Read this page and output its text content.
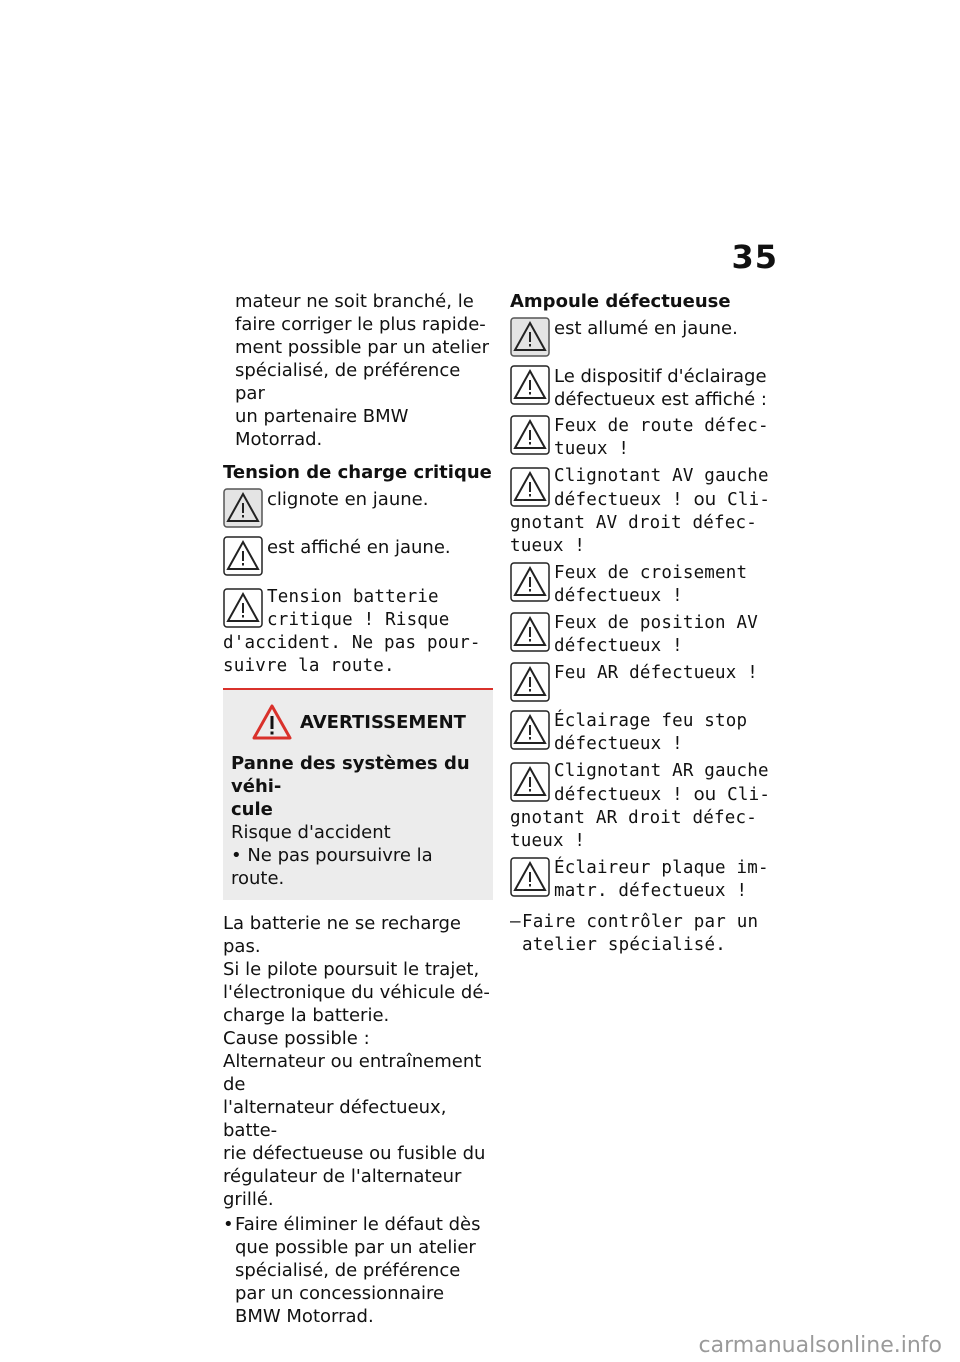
35
mateur ne soit branché, le
faire corriger le plus rapide-
ment possible par un atelier
spécialisé, de préférence par
un partenaire BMW Motorrad.
Tension de charge critique
clignote en jaune.
est affiché en jaune.
Tension batterie
critique ! Risque
d'accident. Ne pas pour-
suivre la route.
AVERTISSEMENT
Panne des systèmes du véhi-
cule
Risque d'accident
• Ne pas poursuivre la route.
La batterie ne se recharge pas.
Si le pilote poursuit le trajet,
l'électronique du véhicule dé-
charge la batterie.
Cause possible :
Alternateur ou entraînement de
l'alternateur défectueux, batte-
rie défectueuse ou fusible du
régulateur de l'alternateur grillé.
• Faire éliminer le défaut dès
que possible par un atelier
spécialisé, de préférence
par un concessionnaire
BMW Motorrad.
Ampoule défectueuse
est allumé en jaune.
Le dispositif d'éclairage
défectueux est affiché :
Feux de route défec-
tueux !
Clignotant AV gauche
défectueux ! ou Cli-
gnotant AV droit défec-
tueux !
Feux de croisement
défectueux !
Feux de position AV
défectueux !
Feu AR défectueux !
Éclairage feu stop
défectueux !
Clignotant AR gauche
défectueux ! ou Cli-
gnotant AR droit défec-
tueux !
Éclaireur plaque im-
matr. défectueux !
– Faire contrôler par un
atelier spécialisé.
carmanualsonline.info
